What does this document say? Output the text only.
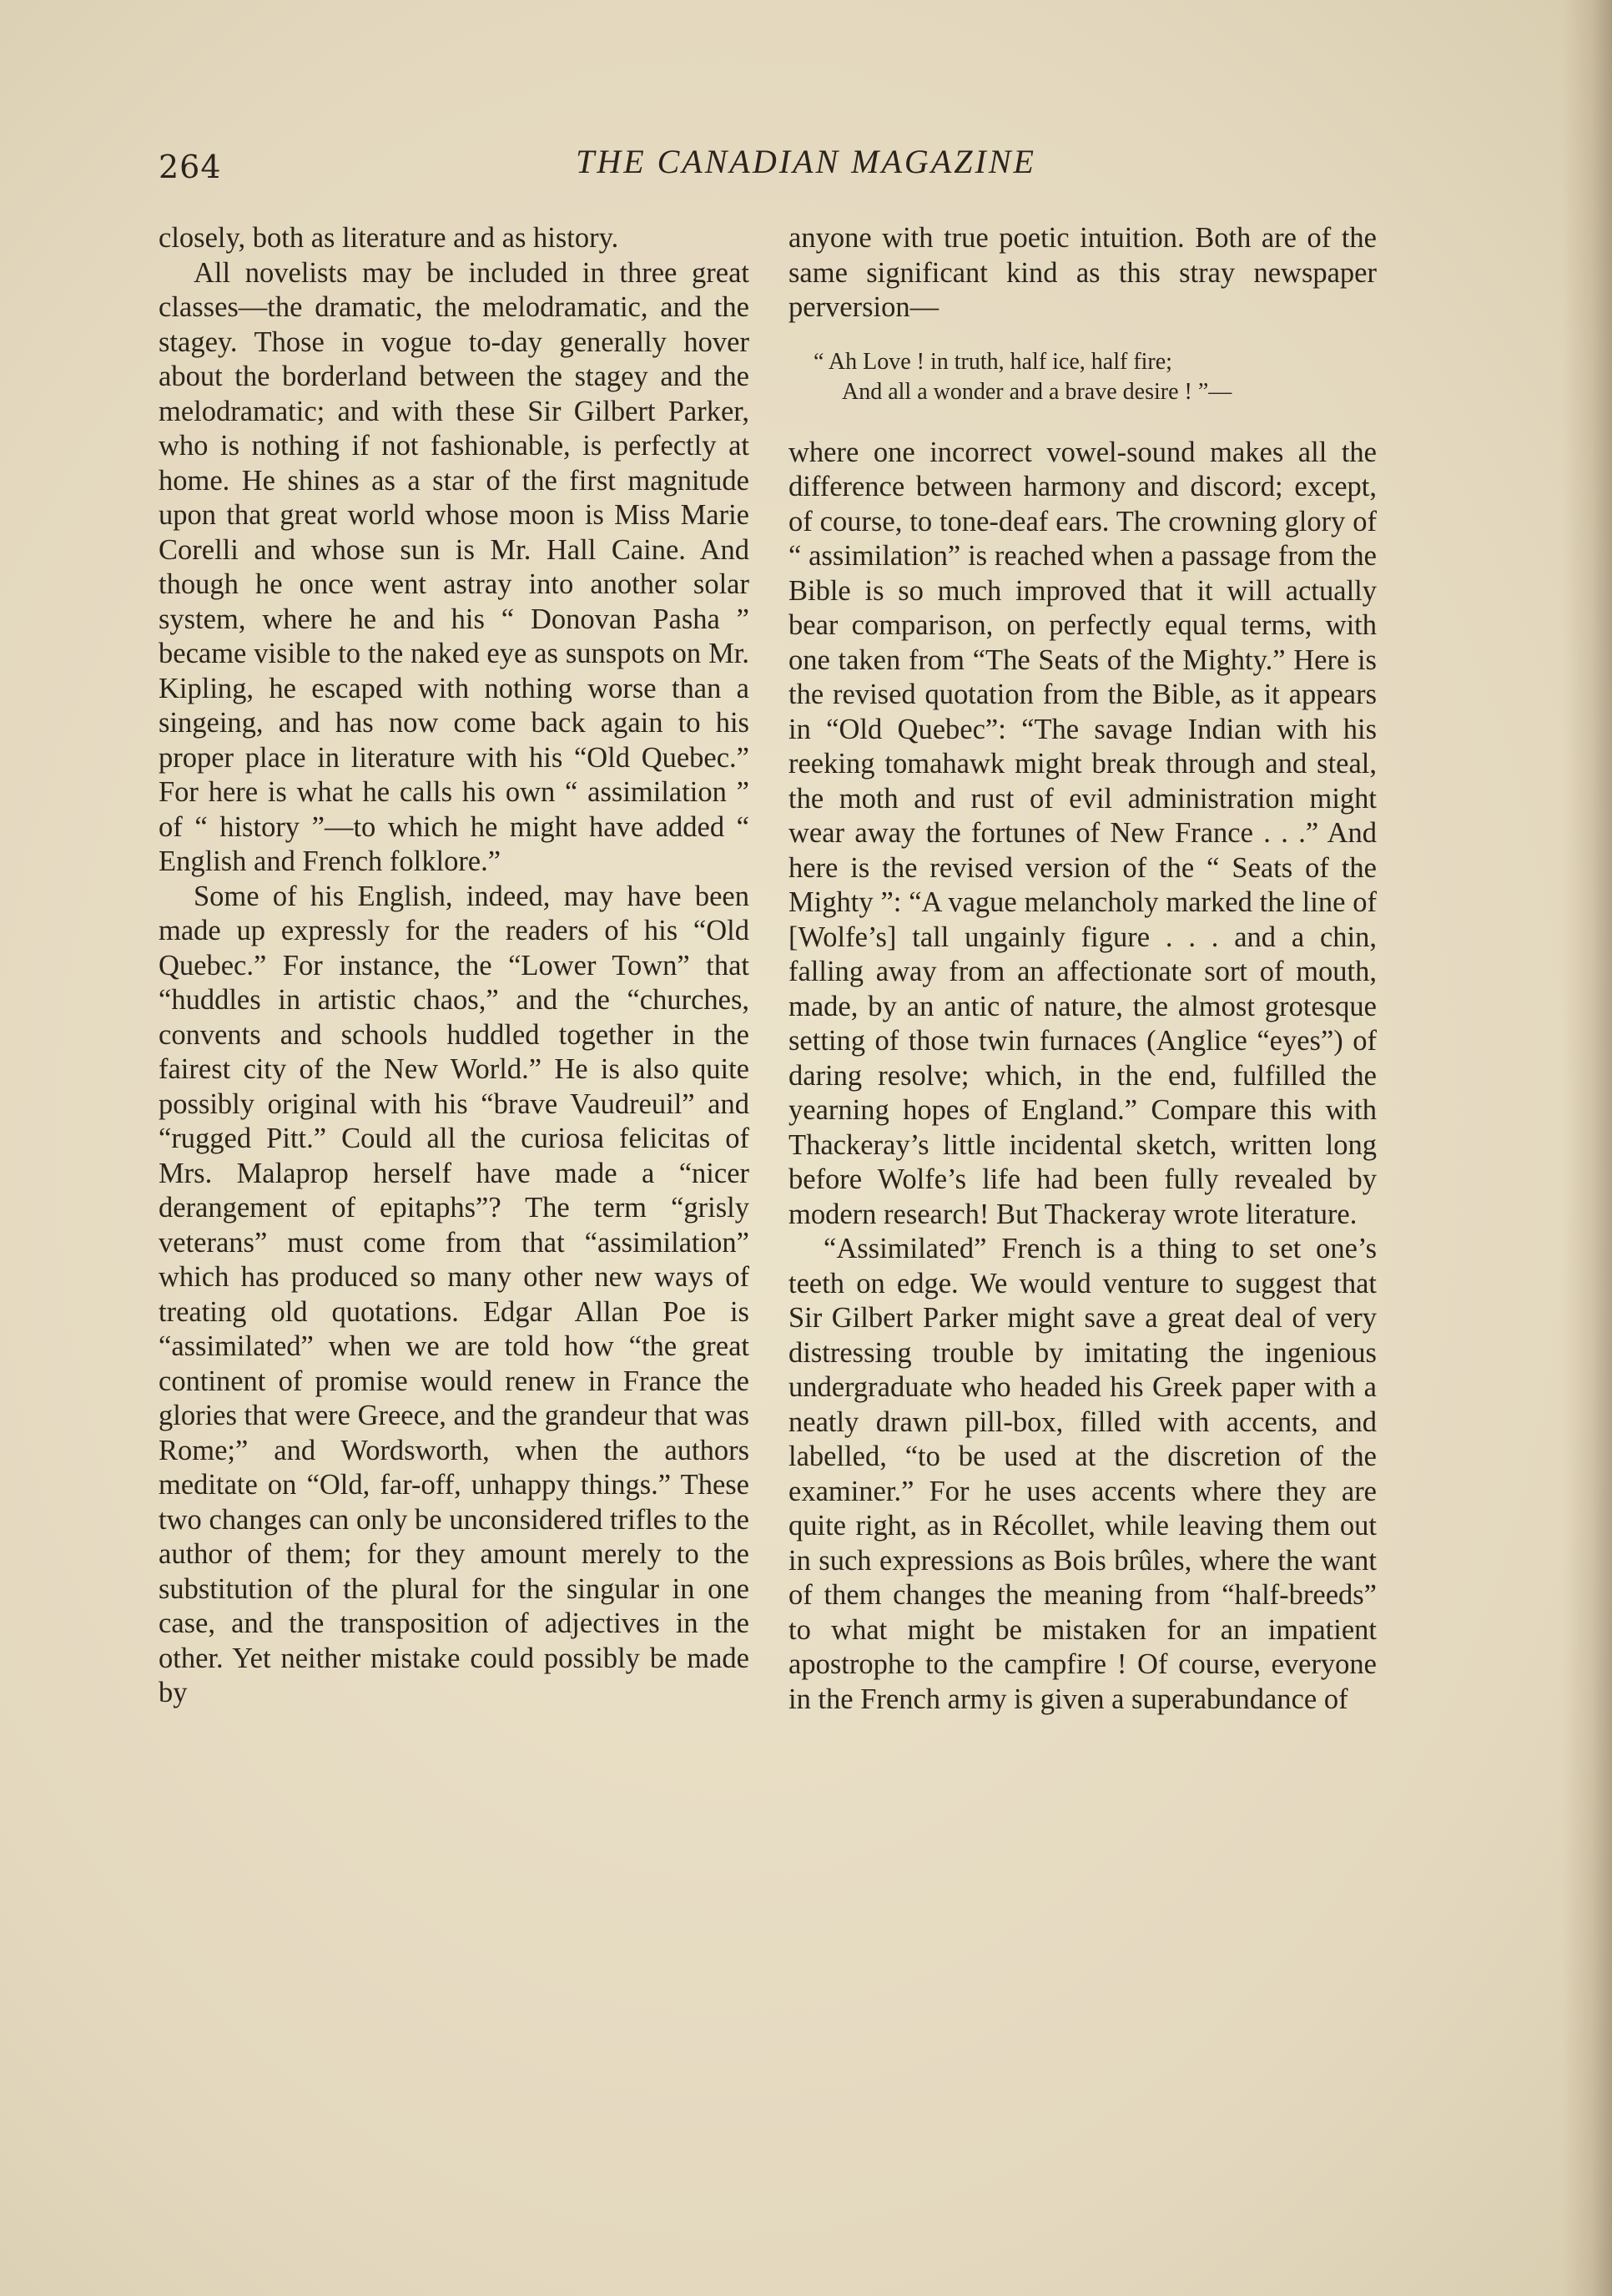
264	THE CANADIAN MAGAZINE

closely, both as literature and as history.

All novelists may be included in three great classes—the dramatic, the melodramatic, and the stagey. Those in vogue to-day generally hover about the borderland between the stagey and the melodramatic; and with these Sir Gilbert Parker, who is nothing if not fashionable, is perfectly at home. He shines as a star of the first magnitude upon that great world whose moon is Miss Marie Corelli and whose sun is Mr. Hall Caine. And though he once went astray into another solar system, where he and his “ Donovan Pasha ” became visible to the naked eye as sunspots on Mr. Kipling, he escaped with nothing worse than a singeing, and has now come back again to his proper place in literature with his “Old Quebec.” For here is what he calls his own “ assimilation ” of “ history ”—to which he might have added “ English and French folklore.”

Some of his English, indeed, may have been made up expressly for the readers of his “Old Quebec.” For instance, the “Lower Town” that “huddles in artistic chaos,” and the “churches, convents and schools huddled together in the fairest city of the New World.” He is also quite possibly original with his “brave Vaudreuil” and “rugged Pitt.” Could all the curiosa felicitas of Mrs. Malaprop herself have made a “nicer derangement of epitaphs”? The term “grisly veterans” must come from that “assimilation” which has produced so many other new ways of treating old quotations. Edgar Allan Poe is “assimilated” when we are told how “the great continent of promise would renew in France the glories that were Greece, and the grandeur that was Rome;” and Wordsworth, when the authors meditate on “Old, far-off, unhappy things.” These two changes can only be unconsidered trifles to the author of them; for they amount merely to the substitution of the plural for the singular in one case, and the transposition of adjectives in the other. Yet neither mistake could possibly be made by

anyone with true poetic intuition. Both are of the same significant kind as this stray newspaper perversion—

“ Ah Love ! in truth, half ice, half fire;
And all a wonder and a brave desire ! ”—

where one incorrect vowel-sound makes all the difference between harmony and discord; except, of course, to tone-deaf ears. The crowning glory of “ assimilation” is reached when a passage from the Bible is so much improved that it will actually bear comparison, on perfectly equal terms, with one taken from “The Seats of the Mighty.” Here is the revised quotation from the Bible, as it appears in “Old Quebec”: “The savage Indian with his reeking tomahawk might break through and steal, the moth and rust of evil administration might wear away the fortunes of New France . . .” And here is the revised version of the “ Seats of the Mighty ”: “A vague melancholy marked the line of [Wolfe’s] tall ungainly figure . . . and a chin, falling away from an affectionate sort of mouth, made, by an antic of nature, the almost grotesque setting of those twin furnaces (Anglice “eyes”) of daring resolve; which, in the end, fulfilled the yearning hopes of England.” Compare this with Thackeray’s little incidental sketch, written long before Wolfe’s life had been fully revealed by modern research! But Thackeray wrote literature.

“Assimilated” French is a thing to set one’s teeth on edge. We would venture to suggest that Sir Gilbert Parker might save a great deal of very distressing trouble by imitating the ingenious undergraduate who headed his Greek paper with a neatly drawn pill-box, filled with accents, and labelled, “to be used at the discretion of the examiner.” For he uses accents where they are quite right, as in Récollet, while leaving them out in such expressions as Bois brûles, where the want of them changes the meaning from “half-breeds” to what might be mistaken for an impatient apostrophe to the campfire ! Of course, everyone in the French army is given a superabundance of
